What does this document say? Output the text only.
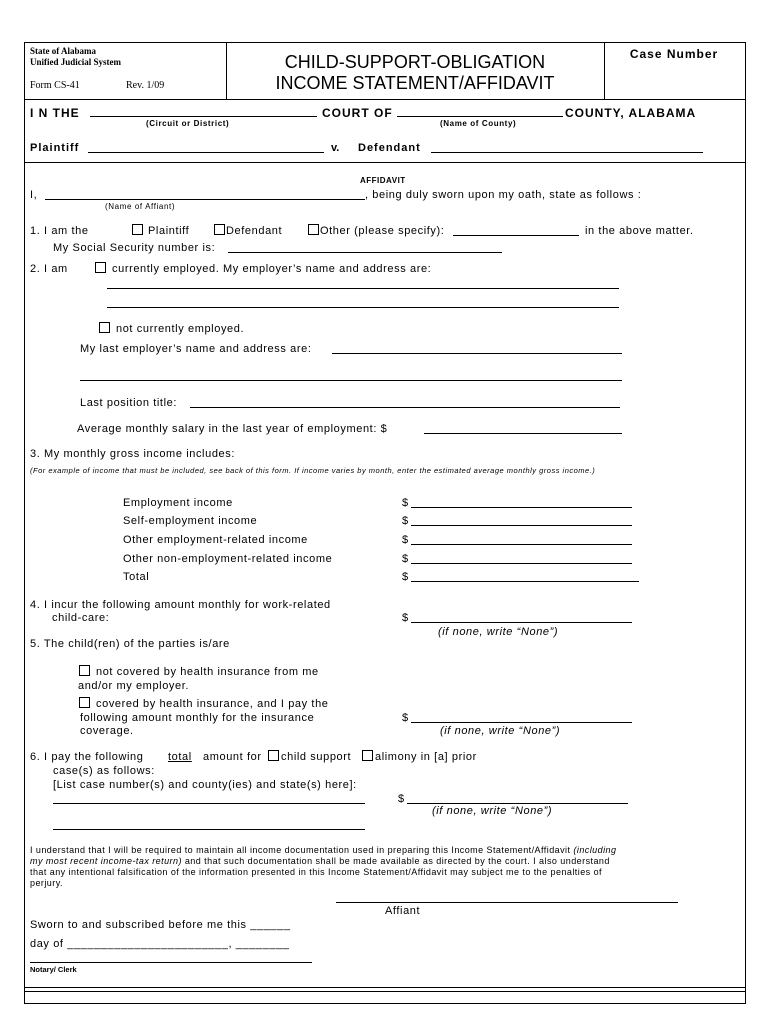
State of Alabama
Unified Judicial System
Form CS-41	Rev. 1/09
CHILD-SUPPORT-OBLIGATION
INCOME STATEMENT/AFFIDAVIT
Case Number
I N THE	COURT OF	COUNTY, ALABAMA
(Circuit or District)	(Name of County)
Plaintiff	v. Defendant
AFFIDAVIT
I,	, being duly sworn upon my oath, state as follows :
(Name of Affiant)
1. I am the	Plaintiff	Defendant	Other (please specify):	in the above matter.
My Social Security number is:
2. I am	currently employed. My employer’s name and address are:
not currently employed.
My last employer’s name and address are:
Last position title:
Average monthly salary in the last year of employment: $
3. My monthly gross income includes:
(For example of income that must be included, see back of this form. If income varies by month, enter the estimated average monthly gross income.)
Employment income	$
Self-employment income	$
Other employment-related income	$
Other non-employment-related income	$
Total	$
4. I incur the following amount monthly for work-related
child-care:	$
(if none, write “None”)
5. The child(ren) of the parties is/are
not covered by health insurance from me
and/or my employer.
covered by health insurance, and I pay the
following amount monthly for the insurance
coverage.
$
(if none, write “None”)
6. I pay the following total amount for child support alimony in [a] prior
case(s) as follows:
[List case number(s) and county(ies) and state(s) here]:
$
(if none, write “None”)
I understand that I will be required to maintain all income documentation used in preparing this Income Statement/Affidavit (including
my most recent income-tax return) and that such documentation shall be made available as directed by the court. I also understand
that any intentional falsification of the information presented in this Income Statement/Affidavit may subject me to the penalties of
perjury.
Affiant
Sworn to and subscribed before me this ______
day of ________________________, ________
Notary/ Clerk
